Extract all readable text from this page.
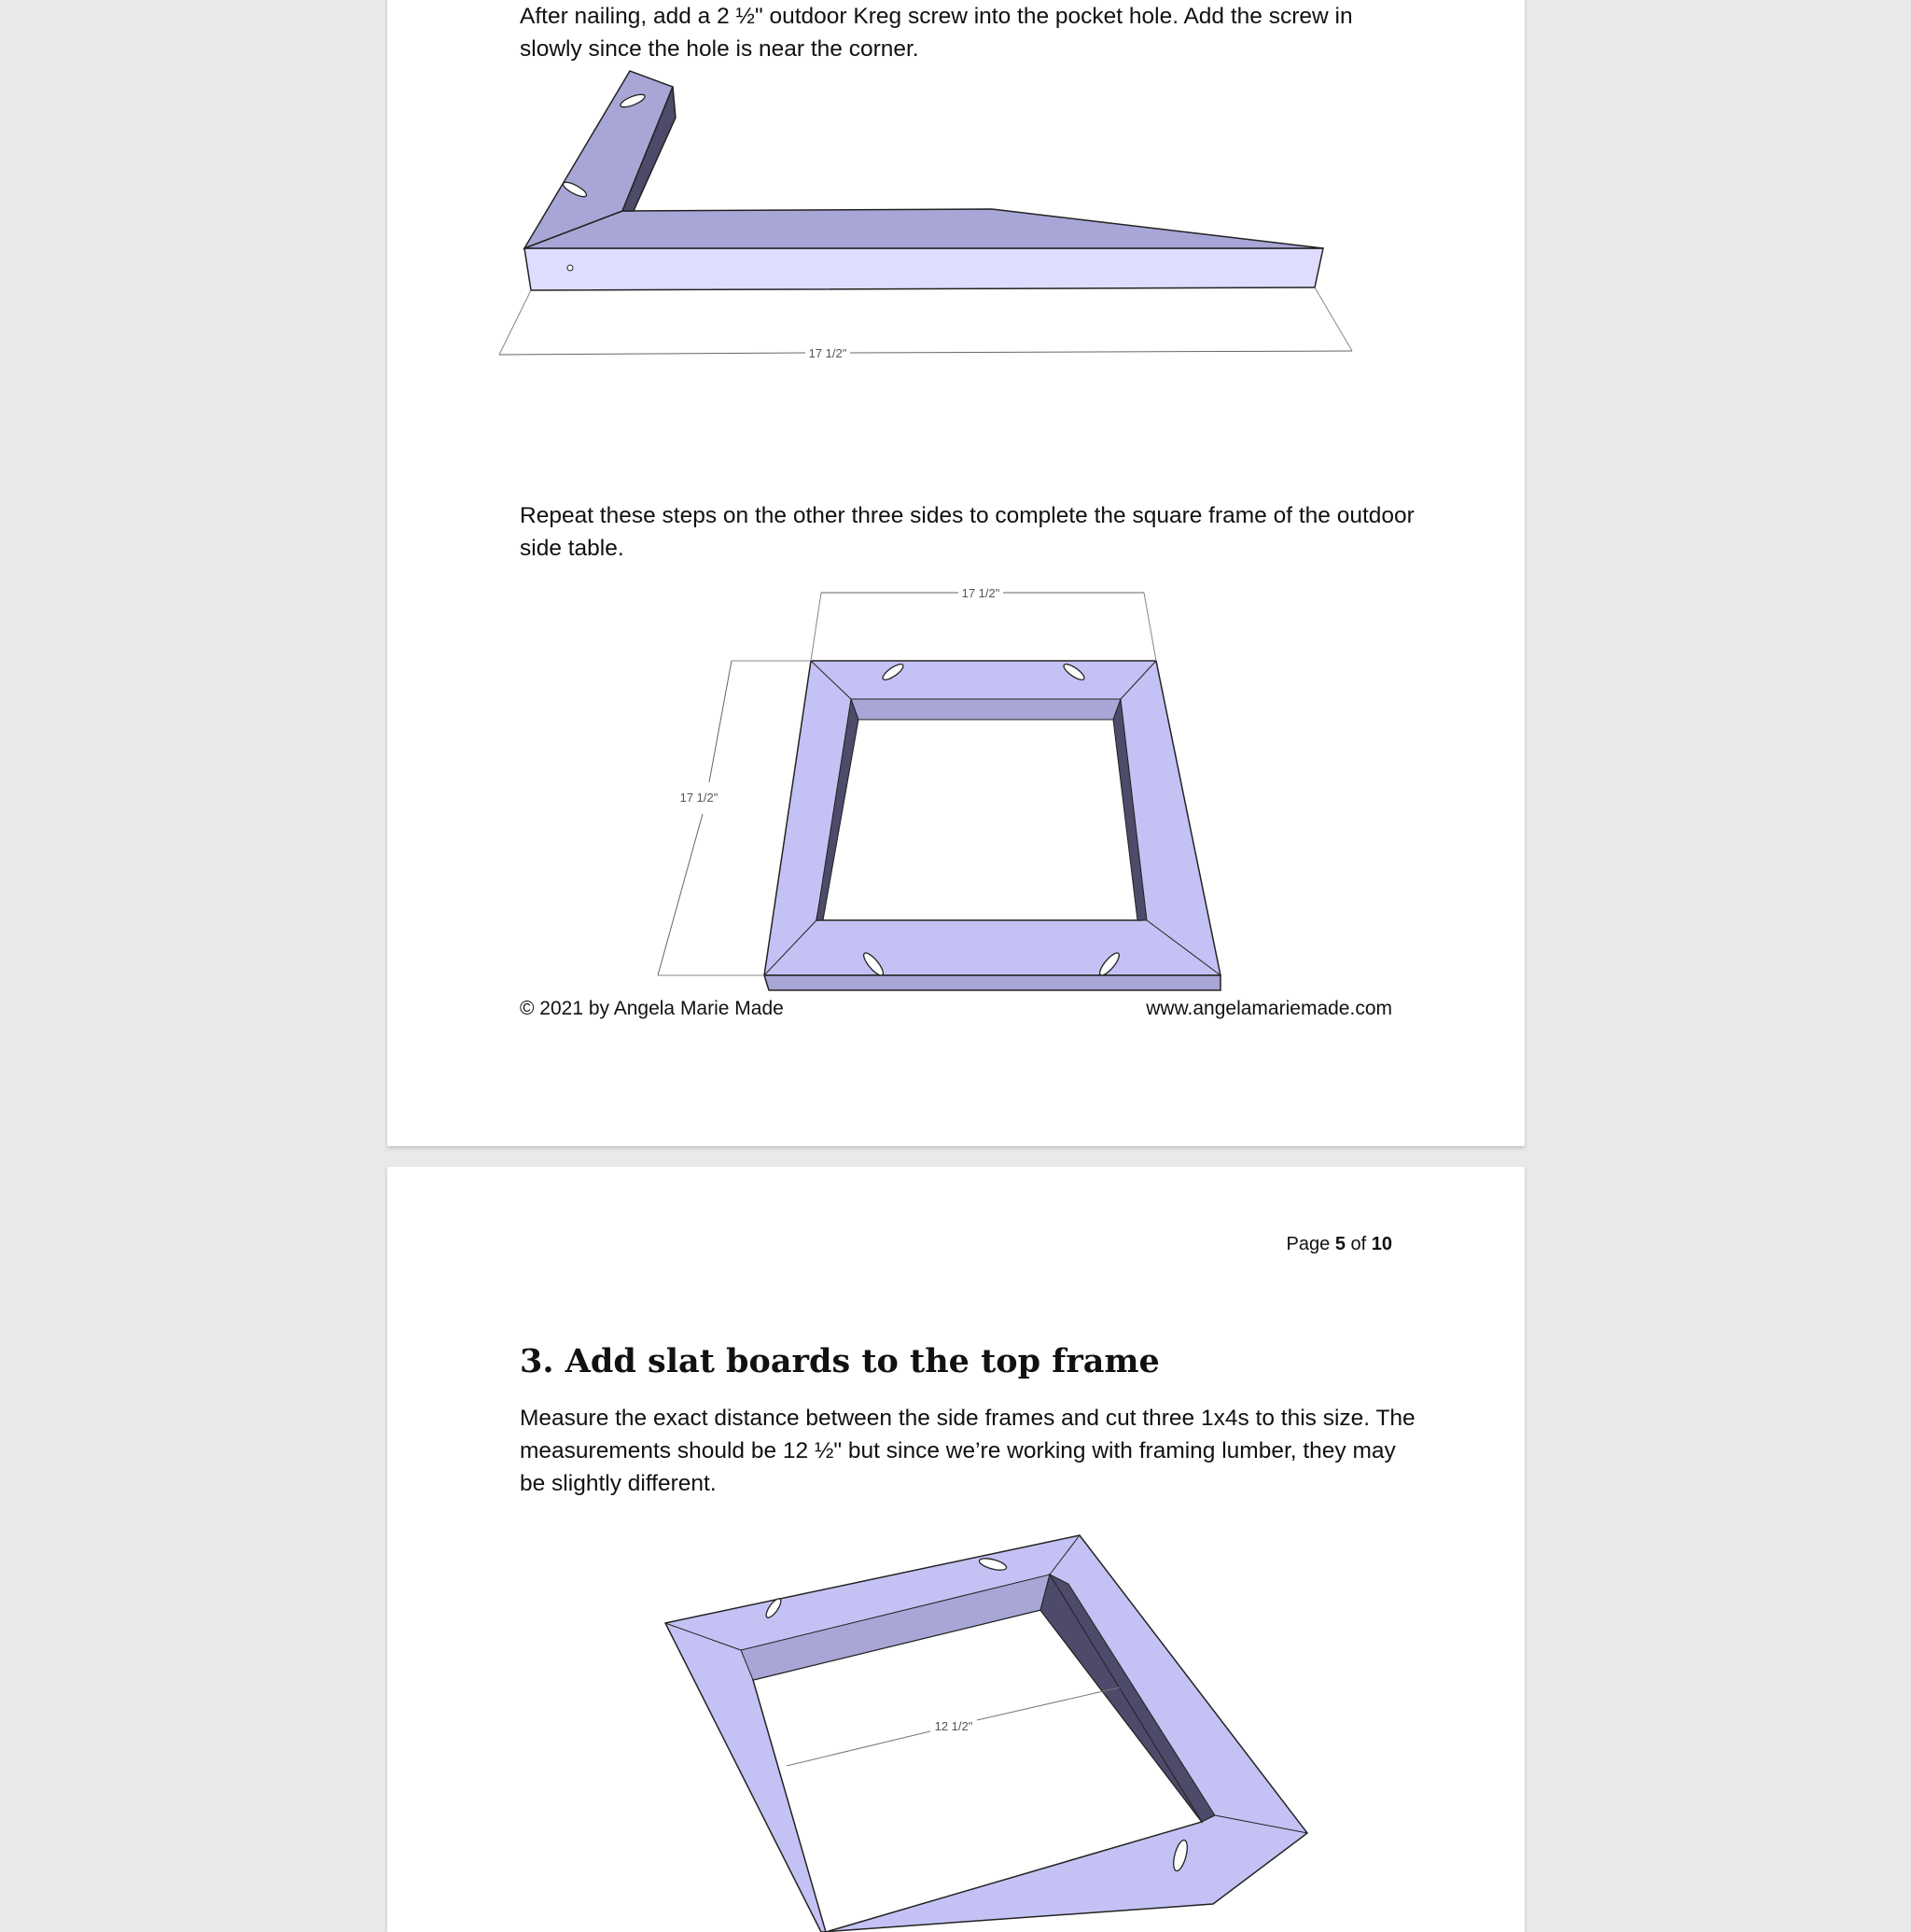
After nailing, add a 2 ½" outdoor Kreg screw into the pocket hole. Add the screw in slowly since the hole is near the corner.

17 1/2"

Repeat these steps on the other three sides to complete the square frame of the outdoor side table.

17 1/2"
17 1/2"
© 2021 by Angela Marie Made	www.angelamariemade.com
Page 5 of 10
3. Add slat boards to the top frame

Measure the exact distance between the side frames and cut three 1x4s to this size. The measurements should be 12 ½" but since we’re working with framing lumber, they may be slightly different.

12 1/2"
